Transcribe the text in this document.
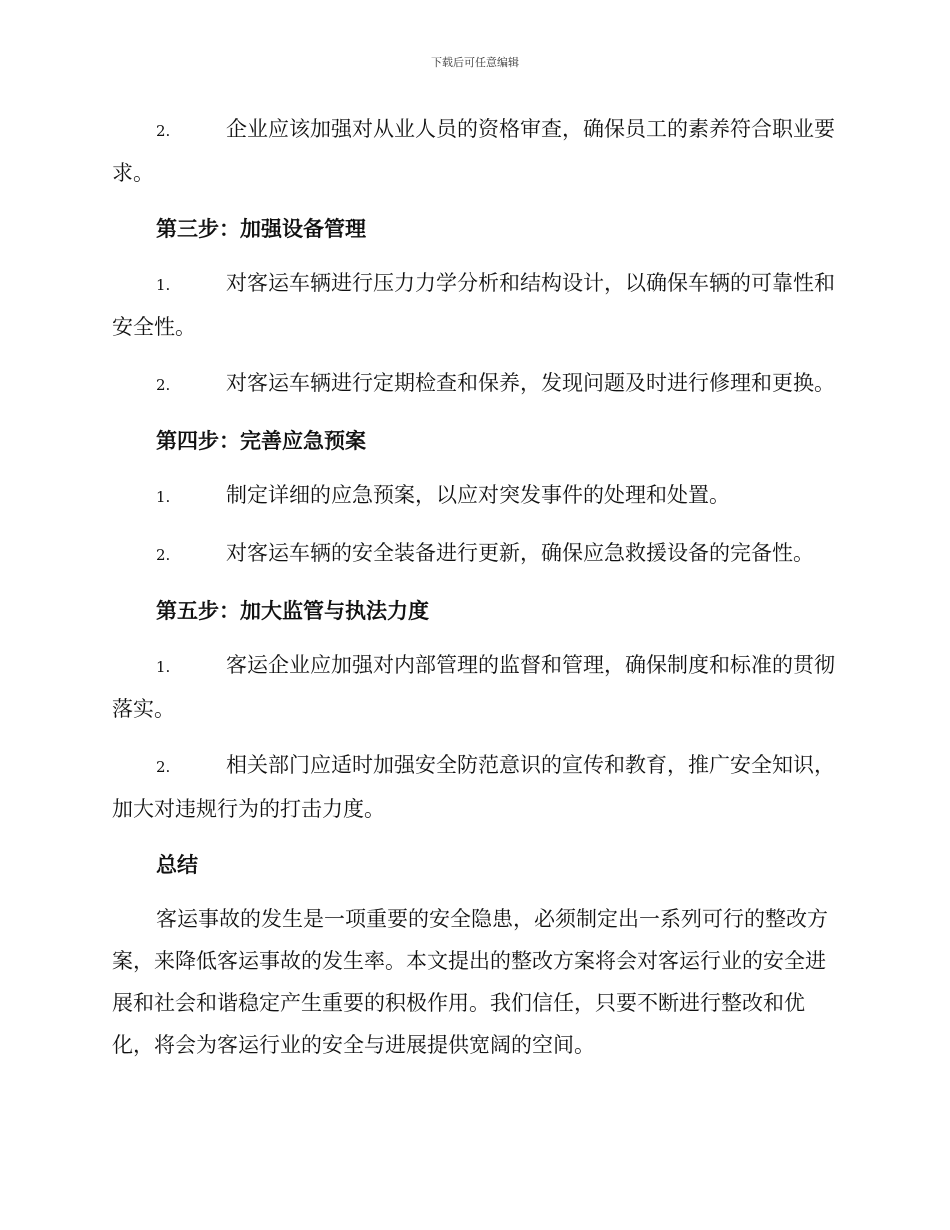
下载后可任意编辑
2.	企业应该加强对从业人员的资格审查，确保员工的素养符合职业要求。
第三步：加强设备管理
1.	对客运车辆进行压力力学分析和结构设计，以确保车辆的可靠性和安全性。
2.	对客运车辆进行定期检查和保养，发现问题及时进行修理和更换。
第四步：完善应急预案
1.	制定详细的应急预案，以应对突发事件的处理和处置。
2.	对客运车辆的安全装备进行更新，确保应急救援设备的完备性。
第五步：加大监管与执法力度
1.	客运企业应加强对内部管理的监督和管理，确保制度和标准的贯彻落实。
2.	相关部门应适时加强安全防范意识的宣传和教育，推广安全知识，加大对违规行为的打击力度。
总结
客运事故的发生是一项重要的安全隐患，必须制定出一系列可行的整改方案，来降低客运事故的发生率。本文提出的整改方案将会对客运行业的安全进展和社会和谐稳定产生重要的积极作用。我们信任，只要不断进行整改和优化，将会为客运行业的安全与进展提供宽阔的空间。
